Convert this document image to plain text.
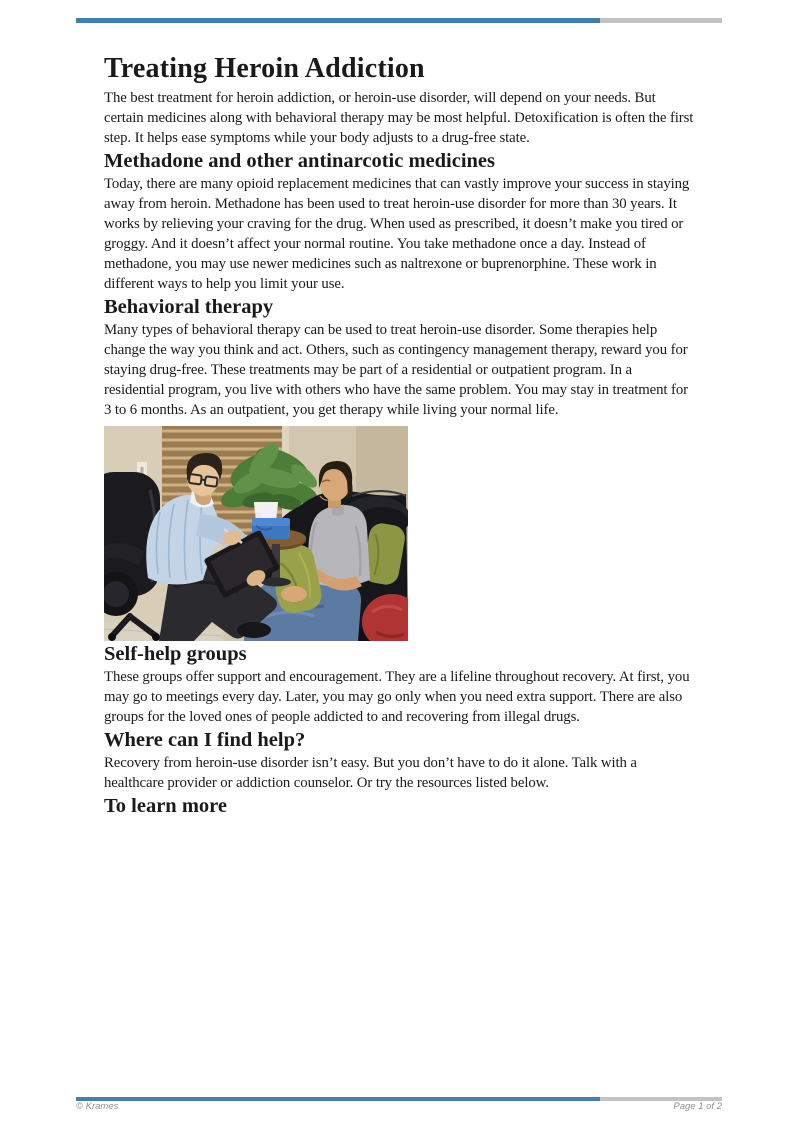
Treating Heroin Addiction

The best treatment for heroin addiction, or heroin-use disorder, will depend on your needs. But certain medicines along with behavioral therapy may be most helpful. Detoxification is often the first step. It helps ease symptoms while your body adjusts to a drug-free state.

Methadone and other antinarcotic medicines

Today, there are many opioid replacement medicines that can vastly improve your success in staying away from heroin. Methadone has been used to treat heroin-use disorder for more than 30 years. It works by relieving your craving for the drug. When used as prescribed, it doesn’t make you tired or groggy. And it doesn’t affect your normal routine. You take methadone once a day. Instead of methadone, you may use newer medicines such as naltrexone or buprenorphine. These work in different ways to help you limit your use.

Behavioral therapy

Many types of behavioral therapy can be used to treat heroin-use disorder. Some therapies help change the way you think and act. Others, such as contingency management therapy, reward you for staying drug-free. These treatments may be part of a residential or outpatient program. In a residential program, you live with others who have the same problem. You may stay in treatment for 3 to 6 months. As an outpatient, you get therapy while living your normal life.

Self-help groups

These groups offer support and encouragement. They are a lifeline throughout recovery. At first, you may go to meetings every day. Later, you may go only when you need extra support. There are also groups for the loved ones of people addicted to and recovering from illegal drugs.

Where can I find help?

Recovery from heroin-use disorder isn’t easy. But you don’t have to do it alone. Talk with a healthcare provider or addiction counselor. Or try the resources listed below.

To learn more
© Krames	Page 1 of 2
